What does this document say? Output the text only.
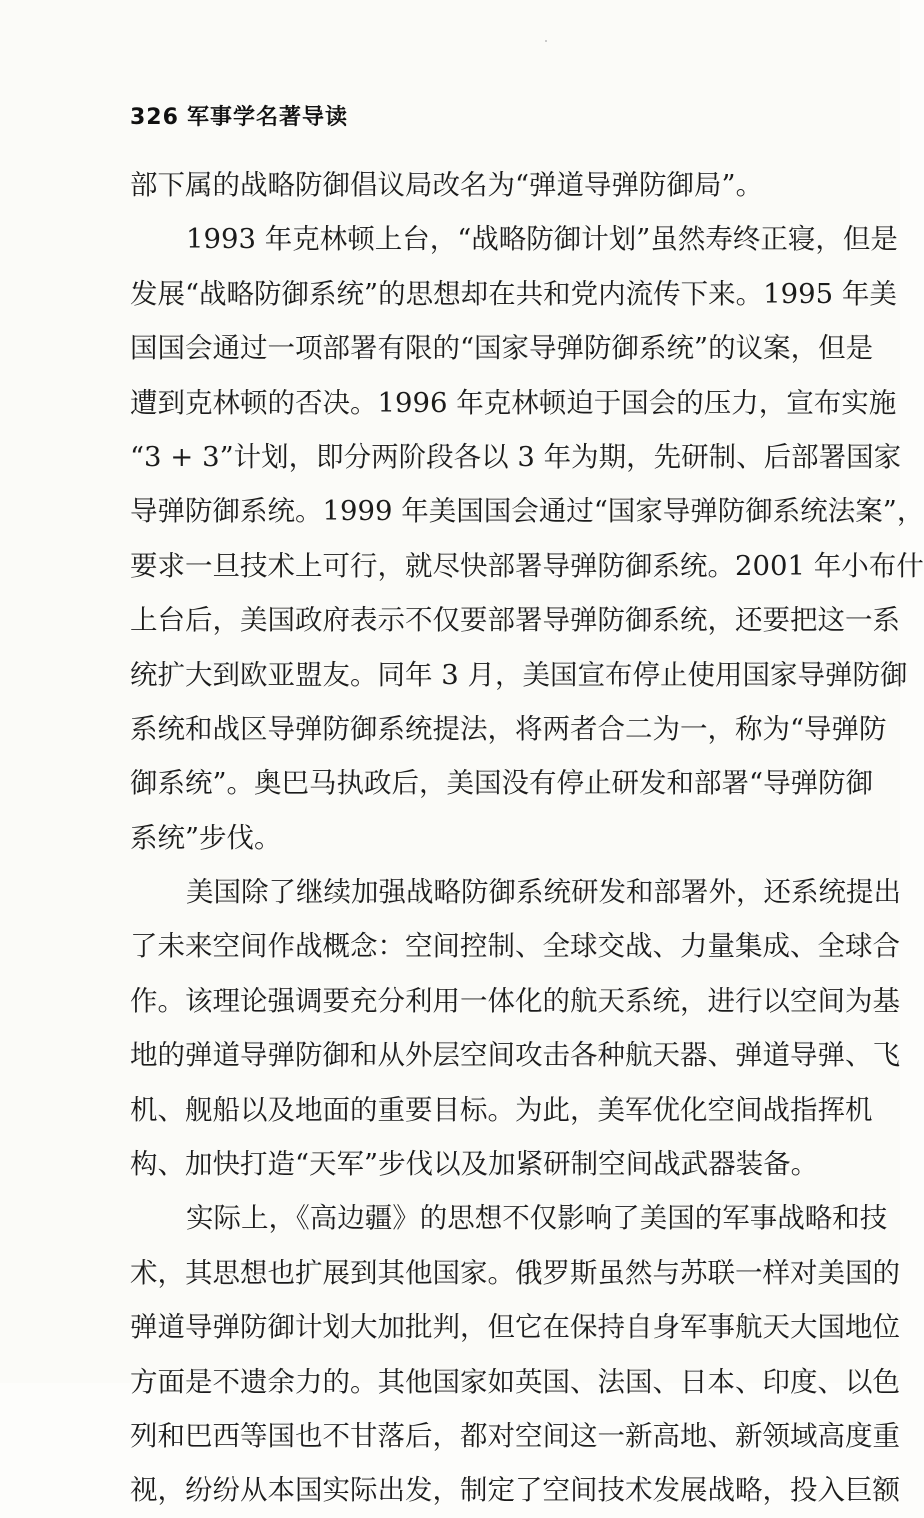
326 军事学名著导读
部下属的战略防御倡议局改名为“弹道导弹防御局”。
1993 年克林顿上台，“战略防御计划”虽然寿终正寝，但是
发展“战略防御系统”的思想却在共和党内流传下来。1995 年美
国国会通过一项部署有限的“国家导弹防御系统”的议案，但是
遭到克林顿的否决。1996 年克林顿迫于国会的压力，宣布实施
“3 + 3”计划，即分两阶段各以 3 年为期，先研制、后部署国家
导弹防御系统。1999 年美国国会通过“国家导弹防御系统法案”，
要求一旦技术上可行，就尽快部署导弹防御系统。2001 年小布什
上台后，美国政府表示不仅要部署导弹防御系统，还要把这一系
统扩大到欧亚盟友。同年 3 月，美国宣布停止使用国家导弹防御
系统和战区导弹防御系统提法，将两者合二为一，称为“导弹防
御系统”。奥巴马执政后，美国没有停止研发和部署“导弹防御
系统”步伐。
美国除了继续加强战略防御系统研发和部署外，还系统提出
了未来空间作战概念：空间控制、全球交战、力量集成、全球合
作。该理论强调要充分利用一体化的航天系统，进行以空间为基
地的弹道导弹防御和从外层空间攻击各种航天器、弹道导弹、飞
机、舰船以及地面的重要目标。为此，美军优化空间战指挥机
构、加快打造“天军”步伐以及加紧研制空间战武器装备。
实际上，《高边疆》的思想不仅影响了美国的军事战略和技
术，其思想也扩展到其他国家。俄罗斯虽然与苏联一样对美国的
弹道导弹防御计划大加批判，但它在保持自身军事航天大国地位
方面是不遗余力的。其他国家如英国、法国、日本、印度、以色
列和巴西等国也不甘落后，都对空间这一新高地、新领域高度重
视，纷纷从本国实际出发，制定了空间技术发展战略，投入巨额
